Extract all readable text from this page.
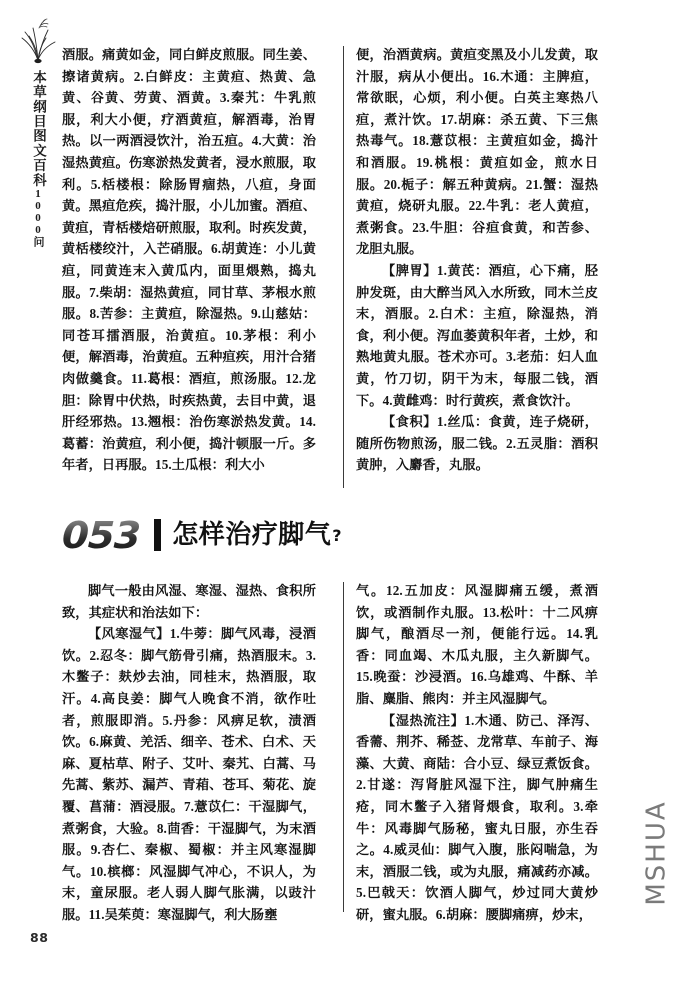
本草纲目图文百科
1000问

酒服。痛黄如金，同白鲜皮煎服。同生姜、擦诸黄病。2.白鲜皮：主黄疸、热黄、急黄、谷黄、劳黄、酒黄。3.秦艽：牛乳煎服，利大小便，疗酒黄疸，解酒毒，治胃热。以一两酒浸饮汁，治五疸。4.大黄：治湿热黄疸。伤寒淤热发黄者，浸水煎服，取利。5.栝楼根：除肠胃痼热，八疸，身面黄。黑疸危疾，捣汁服，小儿加蜜。酒疸、黄疸，青栝楼焙研煎服，取利。时疾发黄，黄栝楼绞汁，入芒硝服。6.胡黄连：小儿黄疸，同黄连末入黄瓜内，面里煨熟，捣丸服。7.柴胡：湿热黄疸，同甘草、茅根水煎服。8.苦参：主黄疸，除湿热。9.山慈姑：同苍耳擂酒服，治黄疸。10.茅根：利小便，解酒毒，治黄疸。五种疸疾，用汁合猪肉做羹食。11.葛根：酒疸，煎汤服。12.龙胆：除胃中伏热，时疾热黄，去目中黄，退肝经邪热。13.翘根：治伤寒淤热发黄。14.葛蓄：治黄疸，利小便，捣汁顿服一斤。多年者，日再服。15.土瓜根：利大小

便，治酒黄病。黄疸变黑及小儿发黄，取汁服，病从小便出。16.木通：主脾疸，常欲眠，心烦，利小便。白英主寒热八疸，煮汁饮。17.胡麻：杀五黄、下三焦热毒气。18.薏苡根：主黄疸如金，捣汁和酒服。19.桃根：黄疸如金，煎水日服。20.栀子：解五种黄病。21.蟹：湿热黄疸，烧研丸服。22.牛乳：老人黄疸，煮粥食。23.牛胆：谷疸食黄，和苦参、龙胆丸服。

【脾胃】1.黄芪：酒疸，心下痛，胫肿发斑，由大醉当风入水所致，同木兰皮末，酒服。2.白术：主疸，除湿热，消食，利小便。泻血萎黄积年者，土炒，和熟地黄丸服。苍术亦可。3.老茄：妇人血黄，竹刀切，阴干为末，每服二钱，酒下。4.黄雌鸡：时行黄疾，煮食饮汁。

【食积】1.丝瓜：食黄，连子烧研，随所伤物煎汤，服二钱。2.五灵脂：酒积黄肿，入麝香，丸服。

053 怎样治疗脚气 ?

脚气一般由风湿、寒湿、湿热、食积所致，其症状和治法如下：

【风寒湿气】1.牛蒡：脚气风毒，浸酒饮。2.忍冬：脚气筋骨引痛，热酒服末。3.木鳖子：麸炒去油，同桂末，热酒服，取汗。4.高良姜：脚气人晚食不消，欲作吐者，煎服即消。5.丹参：风痹足软，渍酒饮。6.麻黄、羌活、细辛、苍术、白术、天麻、夏枯草、附子、艾叶、秦艽、白蒿、马先蒿、紫苏、漏芦、青葙、苍耳、菊花、旋覆、菖蒲：酒浸服。7.薏苡仁：干湿脚气，煮粥食，大验。8.茴香：干湿脚气，为末酒服。9.杏仁、秦椒、蜀椒：并主风寒湿脚气。10.槟榔：风湿脚气冲心，不识人，为末，童尿服。老人弱人脚气胀满，以豉汁服。11.吴茱萸：寒湿脚气，利大肠壅

气。12.五加皮：风湿脚痛五缓，煮酒饮，或酒制作丸服。13.松叶：十二风痹脚气，酿酒尽一剂，便能行远。14.乳香：同血竭、木瓜丸服，主久新脚气。15.晚蚕：沙浸酒。16.乌雄鸡、牛酥、羊脂、麋脂、熊肉：并主风湿脚气。

【湿热流注】1.木通、防己、泽泻、香薷、荆芥、稀莶、龙常草、车前子、海藻、大黄、商陆：合小豆、绿豆煮饭食。2.甘遂：泻肾脏风湿下注，脚气肿痛生疮，同木鳖子入猪肾煨食，取利。3.牵牛：风毒脚气肠秘，蜜丸日服，亦生吞之。4.威灵仙：脚气入腹，胀闷喘急，为末，酒服二钱，或为丸服，痛减药亦减。5.巴戟天：饮酒人脚气，炒过同大黄炒研，蜜丸服。6.胡麻：腰脚痛痹，炒末，

88
MSHUA
